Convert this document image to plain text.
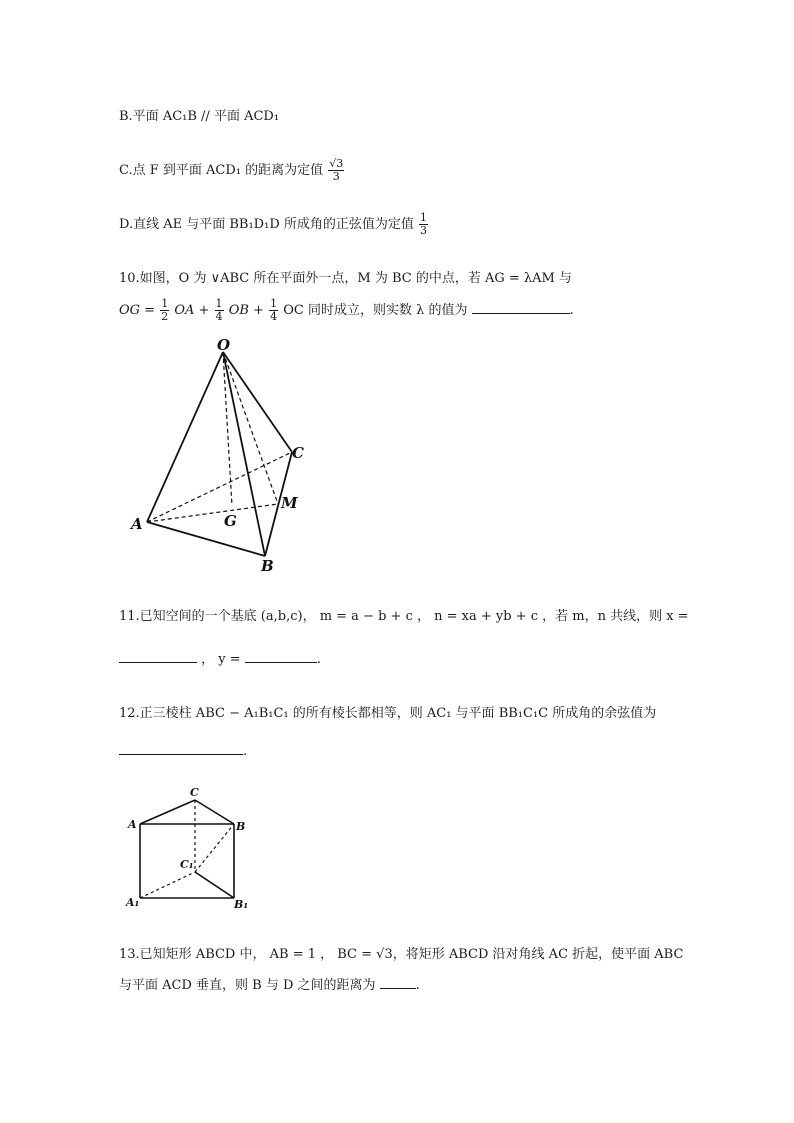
B.平面 AC₁B // 平面 ACD₁
C.点 F 到平面 ACD₁ 的距离为定值 $\frac{√3}{3}$
D.直线 AE 与平面 BB₁D₁D 所成角的正弦值为定值 $\frac{1}{3}$
10.如图，O 为 ∨ABC 所在平面外一点，M 为 BC 的中点，若 AG = λAM 与
OG = $\frac{1}{2}$ OA + $\frac{1}{4}$ OB + $\frac{1}{4}$ OC 同时成立，则实数 λ 的值为	.
O
A
B
C
G
M
11.已知空间的一个基底 (a,b,c)， m = a − b + c ， n = xa + yb + c ，若 m，n 共线，则 x =
， y =	.
12.正三棱柱 ABC − A₁B₁C₁ 的所有棱长都相等，则 AC₁ 与平面 BB₁C₁C 所成角的余弦值为
.
C
A	B
C₁
A₁	B₁
13.已知矩形 ABCD 中， AB = 1 ， BC = √3，将矩形 ABCD 沿对角线 AC 折起，使平面 ABC
与平面 ACD 垂直，则 B 与 D 之间的距离为	.
